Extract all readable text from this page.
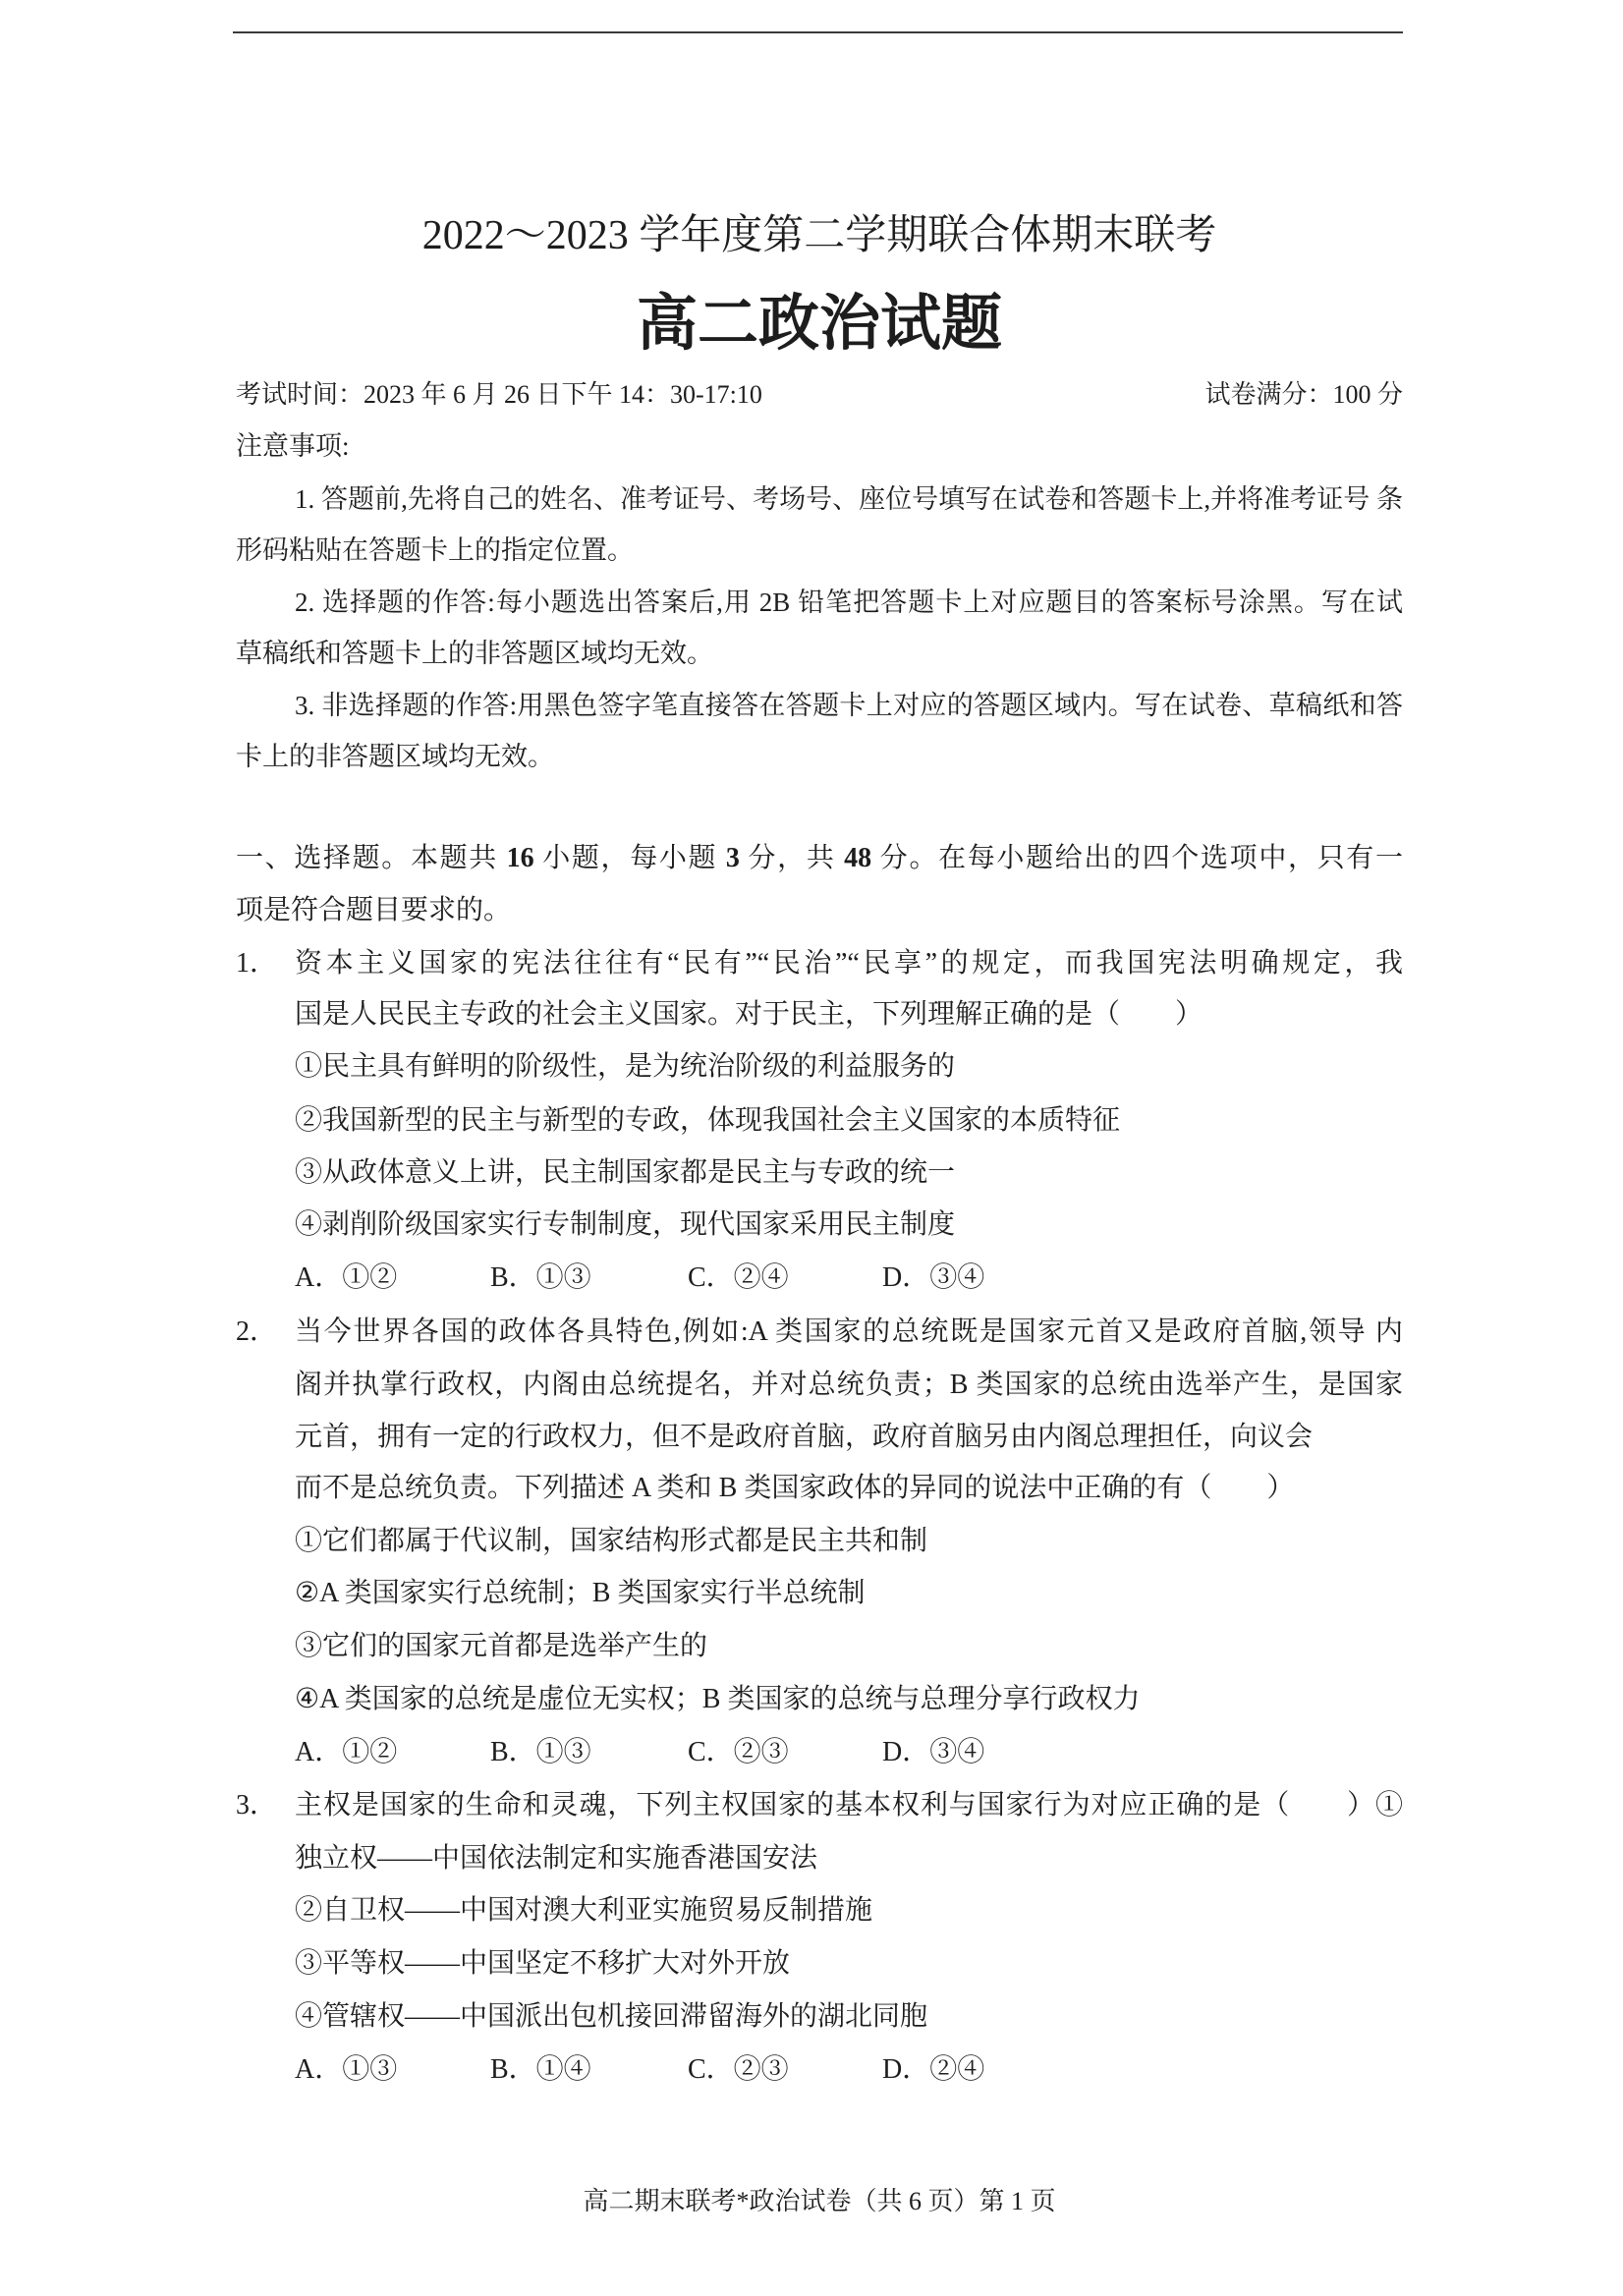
2022～2023 学年度第二学期联合体期末联考
高二政治试题
考试时间：2023 年 6 月 26 日下午 14：30-17:10	试卷满分：100 分
注意事项:
1. 答题前,先将自己的姓名、准考证号、考场号、座位号填写在试卷和答题卡上,并将准考证号 条
形码粘贴在答题卡上的指定位置。
2. 选择题的作答:每小题选出答案后,用 2B 铅笔把答题卡上对应题目的答案标号涂黑。写在试
草稿纸和答题卡上的非答题区域均无效。
3. 非选择题的作答:用黑色签字笔直接答在答题卡上对应的答题区域内。写在试卷、草稿纸和答
卡上的非答题区域均无效。
一、选择题。本题共 16 小题，每小题 3 分，共 48 分。在每小题给出的四个选项中，只有一
项是符合题目要求的。
1． 资本主义国家的宪法往往有“民有”“民治”“民享”的规定，而我国宪法明确规定，我
国是人民民主专政的社会主义国家。对于民主，下列理解正确的是（　　）
①民主具有鲜明的阶级性，是为统治阶级的利益服务的
②我国新型的民主与新型的专政，体现我国社会主义国家的本质特征
③从政体意义上讲，民主制国家都是民主与专政的统一
④剥削阶级国家实行专制制度，现代国家采用民主制度
A．①②	B．①③	C．②④	D．③④
2． 当今世界各国的政体各具特色,例如:A 类国家的总统既是国家元首又是政府首脑,领导 内
阁并执掌行政权，内阁由总统提名，并对总统负责；B 类国家的总统由选举产生，是国家
元首，拥有一定的行政权力，但不是政府首脑，政府首脑另由内阁总理担任，向议会
而不是总统负责。下列描述 A 类和 B 类国家政体的异同的说法中正确的有（　　）
①它们都属于代议制，国家结构形式都是民主共和制
②A 类国家实行总统制；B 类国家实行半总统制
③它们的国家元首都是选举产生的
④A 类国家的总统是虚位无实权；B 类国家的总统与总理分享行政权力
A．①②	B．①③	C．②③	D．③④
3． 主权是国家的生命和灵魂，下列主权国家的基本权利与国家行为对应正确的是（　　）①
独立权——中国依法制定和实施香港国安法
②自卫权——中国对澳大利亚实施贸易反制措施
③平等权——中国坚定不移扩大对外开放
④管辖权——中国派出包机接回滞留海外的湖北同胞
A．①③	B．①④	C．②③	D．②④
高二期末联考*政治试卷（共 6 页）第 1 页
